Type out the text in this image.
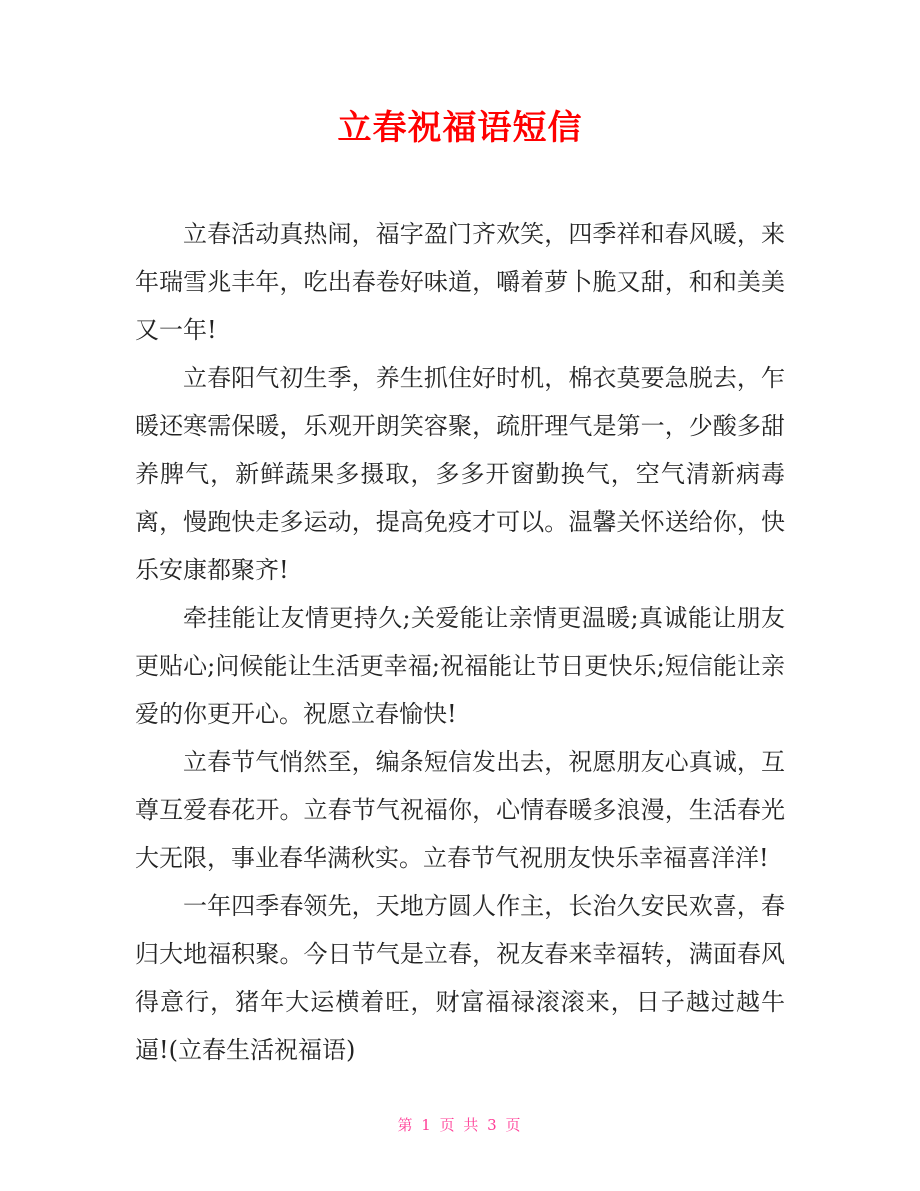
立春祝福语短信

立春活动真热闹，福字盈门齐欢笑，四季祥和春风暖，来年瑞雪兆丰年，吃出春卷好味道，嚼着萝卜脆又甜，和和美美又一年!

立春阳气初生季，养生抓住好时机，棉衣莫要急脱去，乍暖还寒需保暖，乐观开朗笑容聚，疏肝理气是第一，少酸多甜养脾气，新鲜蔬果多摄取，多多开窗勤换气，空气清新病毒离，慢跑快走多运动，提高免疫才可以。温馨关怀送给你，快乐安康都聚齐!

牵挂能让友情更持久;关爱能让亲情更温暖;真诚能让朋友更贴心;问候能让生活更幸福;祝福能让节日更快乐;短信能让亲爱的你更开心。祝愿立春愉快!

立春节气悄然至，编条短信发出去，祝愿朋友心真诚，互尊互爱春花开。立春节气祝福你，心情春暖多浪漫，生活春光大无限，事业春华满秋实。立春节气祝朋友快乐幸福喜洋洋!

一年四季春领先，天地方圆人作主，长治久安民欢喜，春归大地福积聚。今日节气是立春，祝友春来幸福转，满面春风得意行，猪年大运横着旺，财富福禄滚滚来，日子越过越牛逼!(立春生活祝福语)

第 1 页 共 3 页
